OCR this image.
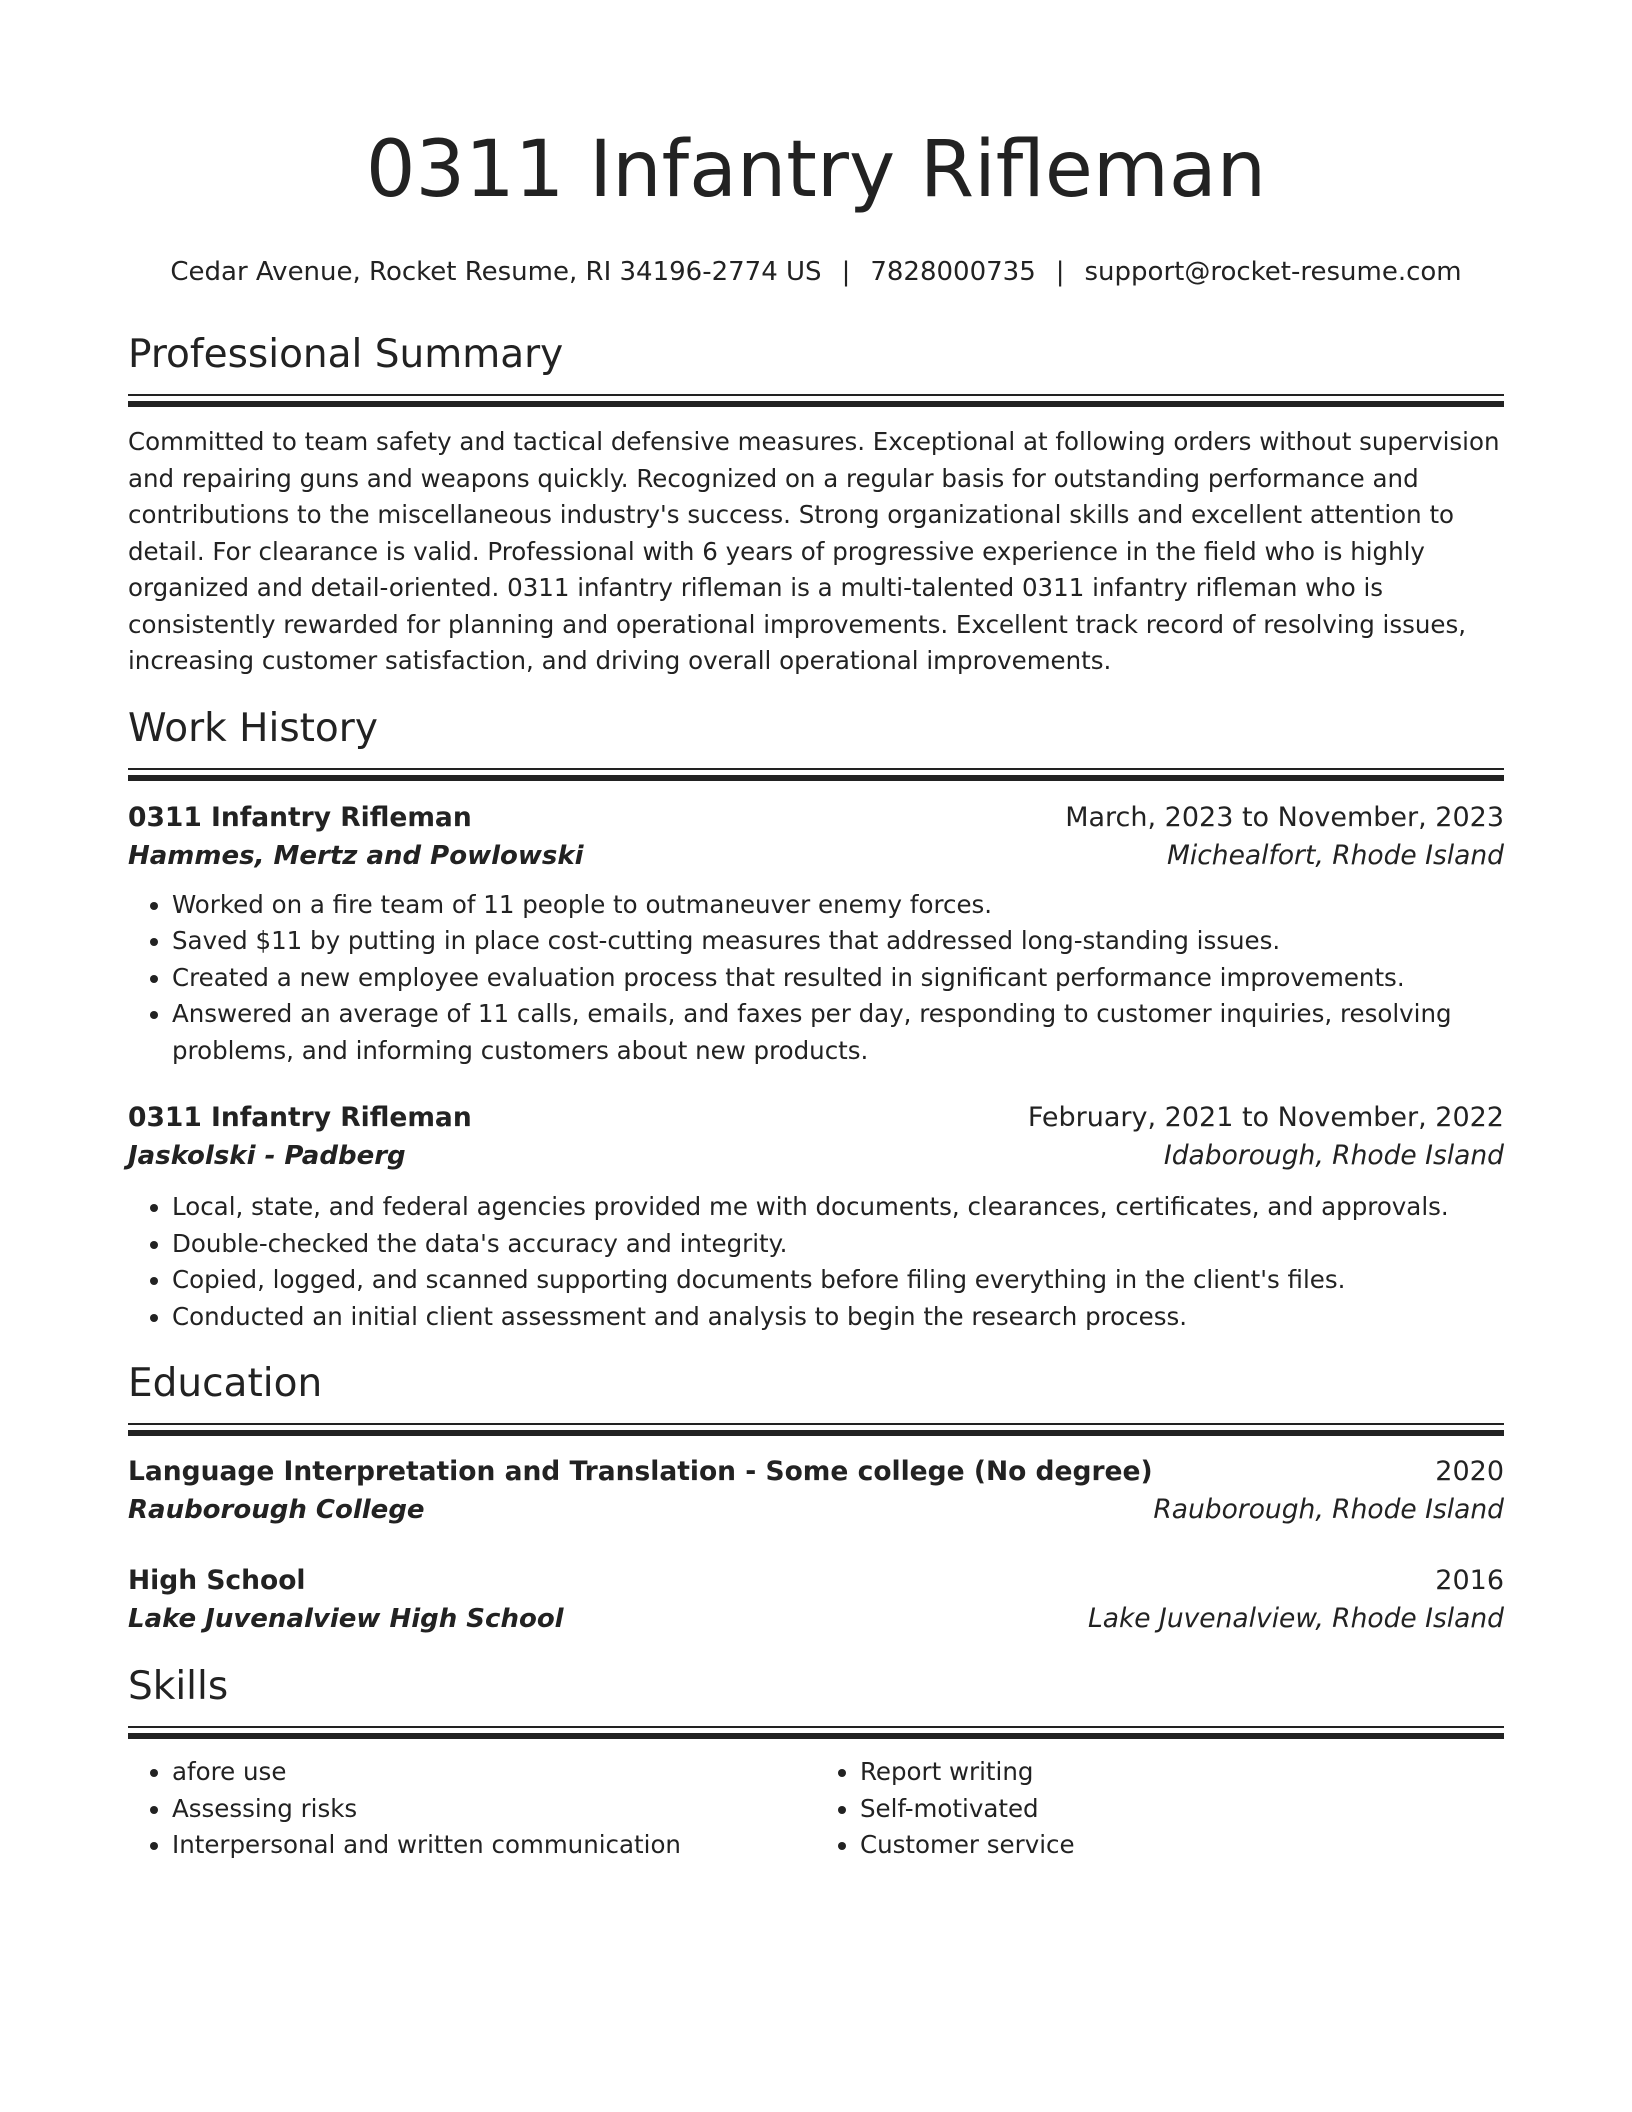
0311 Infantry Rifleman
Cedar Avenue, Rocket Resume, RI 34196-2774 US | 7828000735 | support@rocket-resume.com
Professional Summary
Committed to team safety and tactical defensive measures. Exceptional at following orders without supervision and repairing guns and weapons quickly. Recognized on a regular basis for outstanding performance and contributions to the miscellaneous industry's success. Strong organizational skills and excellent attention to detail. For clearance is valid. Professional with 6 years of progressive experience in the field who is highly organized and detail-oriented. 0311 infantry rifleman is a multi-talented 0311 infantry rifleman who is consistently rewarded for planning and operational improvements. Excellent track record of resolving issues, increasing customer satisfaction, and driving overall operational improvements.
Work History
0311 Infantry Rifleman	March, 2023 to November, 2023
Hammes, Mertz and Powlowski	Michealfort, Rhode Island
• Worked on a fire team of 11 people to outmaneuver enemy forces.
• Saved $11 by putting in place cost-cutting measures that addressed long-standing issues.
• Created a new employee evaluation process that resulted in significant performance improvements.
• Answered an average of 11 calls, emails, and faxes per day, responding to customer inquiries, resolving problems, and informing customers about new products.
0311 Infantry Rifleman	February, 2021 to November, 2022
Jaskolski - Padberg	Idaborough, Rhode Island
• Local, state, and federal agencies provided me with documents, clearances, certificates, and approvals.
• Double-checked the data's accuracy and integrity.
• Copied, logged, and scanned supporting documents before filing everything in the client's files.
• Conducted an initial client assessment and analysis to begin the research process.
Education
Language Interpretation and Translation - Some college (No degree)	2020
Rauborough College	Rauborough, Rhode Island
High School	2016
Lake Juvenalview High School	Lake Juvenalview, Rhode Island
Skills
• afore use
• Assessing risks
• Interpersonal and written communication
• Report writing
• Self-motivated
• Customer service
